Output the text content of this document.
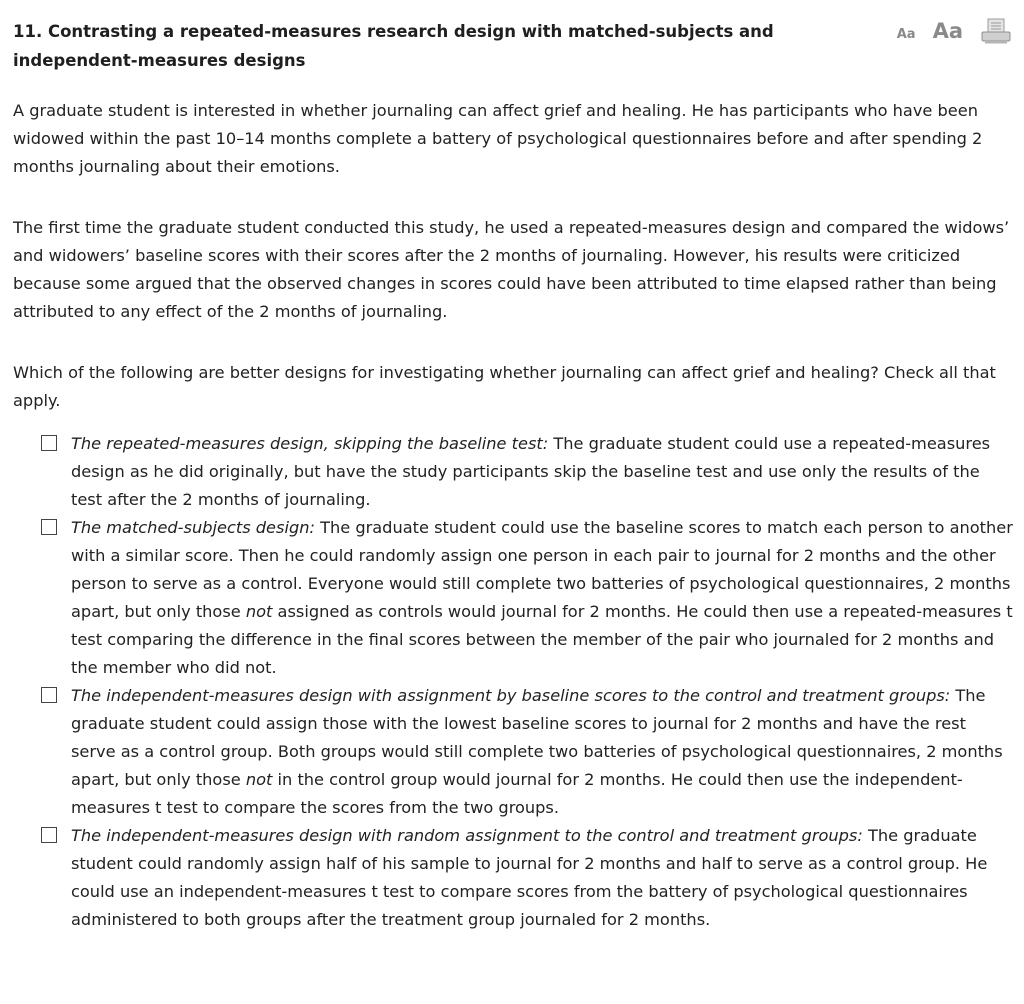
11. Contrasting a repeated-measures research design with matched-subjects and independent-measures designs
Aa Aa

A graduate student is interested in whether journaling can affect grief and healing. He has participants who have been widowed within the past 10–14 months complete a battery of psychological questionnaires before and after spending 2 months journaling about their emotions.

The first time the graduate student conducted this study, he used a repeated-measures design and compared the widows’ and widowers’ baseline scores with their scores after the 2 months of journaling. However, his results were criticized because some argued that the observed changes in scores could have been attributed to time elapsed rather than being attributed to any effect of the 2 months of journaling.

Which of the following are better designs for investigating whether journaling can affect grief and healing? Check all that apply.

The repeated-measures design, skipping the baseline test: The graduate student could use a repeated-measures design as he did originally, but have the study participants skip the baseline test and use only the results of the test after the 2 months of journaling.
The matched-subjects design: The graduate student could use the baseline scores to match each person to another with a similar score. Then he could randomly assign one person in each pair to journal for 2 months and the other person to serve as a control. Everyone would still complete two batteries of psychological questionnaires, 2 months apart, but only those not assigned as controls would journal for 2 months. He could then use a repeated-measures t test comparing the difference in the final scores between the member of the pair who journaled for 2 months and the member who did not.
The independent-measures design with assignment by baseline scores to the control and treatment groups: The graduate student could assign those with the lowest baseline scores to journal for 2 months and have the rest serve as a control group. Both groups would still complete two batteries of psychological questionnaires, 2 months apart, but only those not in the control group would journal for 2 months. He could then use the independent-measures t test to compare the scores from the two groups.
The independent-measures design with random assignment to the control and treatment groups: The graduate student could randomly assign half of his sample to journal for 2 months and half to serve as a control group. He could use an independent-measures t test to compare scores from the battery of psychological questionnaires administered to both groups after the treatment group journaled for 2 months.
